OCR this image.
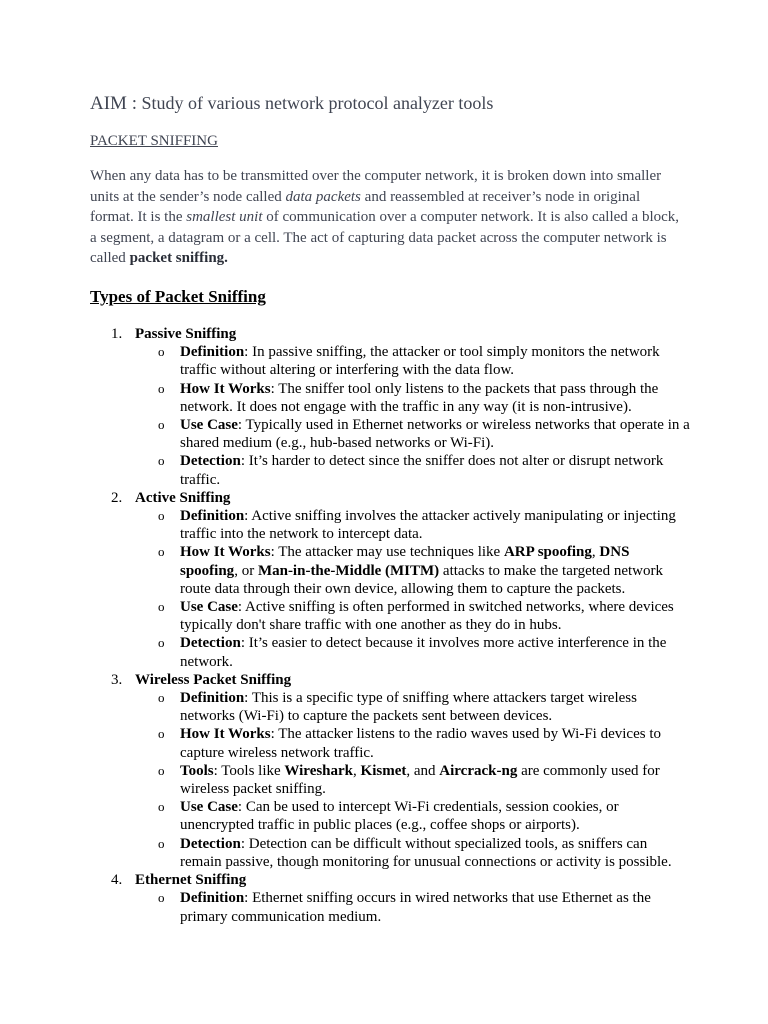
AIM : Study of various network protocol analyzer tools
PACKET SNIFFING

When any data has to be transmitted over the computer network, it is broken down into smaller units at the sender’s node called data packets and reassembled at receiver’s node in original format. It is the smallest unit of communication over a computer network. It is also called a block, a segment, a datagram or a cell. The act of capturing data packet across the computer network is called packet sniffing.

Types of Packet Sniffing
1. Passive Sniffing
o Definition: In passive sniffing, the attacker or tool simply monitors the network traffic without altering or interfering with the data flow.
o How It Works: The sniffer tool only listens to the packets that pass through the network. It does not engage with the traffic in any way (it is non-intrusive).
o Use Case: Typically used in Ethernet networks or wireless networks that operate in a shared medium (e.g., hub-based networks or Wi-Fi).
o Detection: It’s harder to detect since the sniffer does not alter or disrupt network traffic.
2. Active Sniffing
o Definition: Active sniffing involves the attacker actively manipulating or injecting traffic into the network to intercept data.
o How It Works: The attacker may use techniques like ARP spoofing, DNS spoofing, or Man-in-the-Middle (MITM) attacks to make the targeted network route data through their own device, allowing them to capture the packets.
o Use Case: Active sniffing is often performed in switched networks, where devices typically don't share traffic with one another as they do in hubs.
o Detection: It’s easier to detect because it involves more active interference in the network.
3. Wireless Packet Sniffing
o Definition: This is a specific type of sniffing where attackers target wireless networks (Wi-Fi) to capture the packets sent between devices.
o How It Works: The attacker listens to the radio waves used by Wi-Fi devices to capture wireless network traffic.
o Tools: Tools like Wireshark, Kismet, and Aircrack-ng are commonly used for wireless packet sniffing.
o Use Case: Can be used to intercept Wi-Fi credentials, session cookies, or unencrypted traffic in public places (e.g., coffee shops or airports).
o Detection: Detection can be difficult without specialized tools, as sniffers can remain passive, though monitoring for unusual connections or activity is possible.
4. Ethernet Sniffing
o Definition: Ethernet sniffing occurs in wired networks that use Ethernet as the primary communication medium.
